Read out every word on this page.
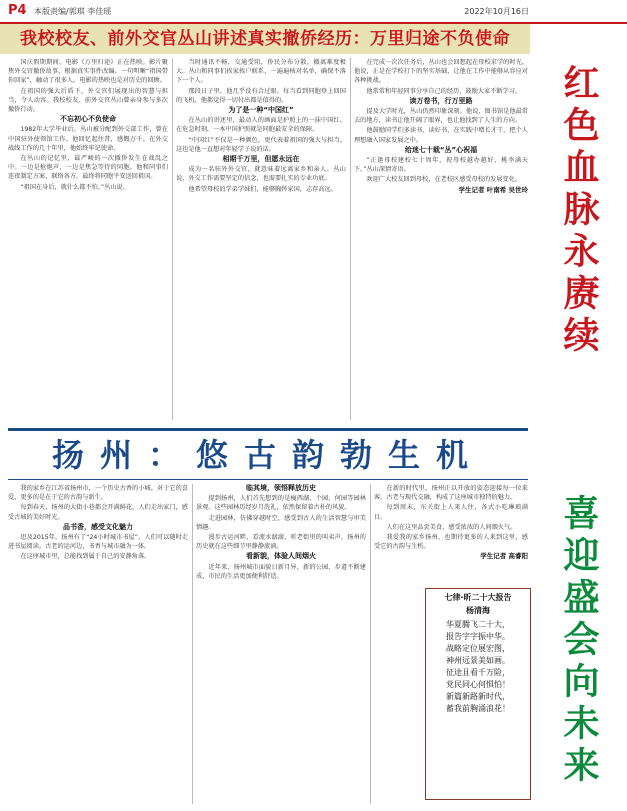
P4 本版责编/郭琪 李佳瑶	2022年10月16日
我校校友、前外交官丛山讲述真实撤侨经历：万里归途不负使命

国庆假期期间，电影《万里归途》正在热映。影片聚焦外交官撤侨故事，根据真实事件改编。一句明晰“祖国带你回家”，触动了很多人。电影的热映也是对历史的回顾。

在祖国的强大后盾下，外交官们展现出的智慧与担当，令人动容。我校校友、前外交官丛山曾亲身参与多次撤侨行动。

不忘初心不负使命

1982年大学毕业后，丛山被分配到外交部工作，曾在中国驻外使领馆工作。他回忆起往昔，感慨万千。在外交战线工作的几十年里，他始终牢记使命。

在丛山的记忆里，最严峻的一次撤侨发生在战乱之中。一边是枪炮声，一边是焦急等待的同胞。他和同事们连夜制定方案，联络各方，最终将同胞平安送回祖国。

“祖国在身后，就什么都不怕。”丛山说。

当时通讯不畅，交通受阻，侨民分布分散，撤离难度极大。丛山和同事们挨家挨户联系，一遍遍核对名单，确保不落下一个人。

那段日子里，他几乎没有合过眼。每当看到同胞登上回国的飞机，他都觉得一切付出都是值得的。

为了是一种“中国红”

在丛山的讲述里，最动人的画面是护照上的一抹中国红。在危急时刻，一本中国护照就是同胞最安全的保障。

“中国红”不仅是一种颜色，更代表着祖国的强大与担当。这也是他一直想对年轻学子说的话。

相期千万里，但愿永远在

成为一名驻外外交官，就意味着远离家乡和亲人。丛山说，外交工作需要坚定的信念，也需要扎实的专业功底。

他希望母校的学弟学妹们，能够胸怀家国，志存高远。

在完成一次次任务后，丛山也会回想起在母校求学的时光。他说，正是在学校打下的坚实基础，让他在工作中能够从容应对各种挑战。

他常常和年轻同事分享自己的经历，鼓励大家不断学习。

读万卷书，行万里路

提及大学时光，丛山仍然印象深刻。他说，图书馆是他最常去的地方，读书让他开阔了眼界，也让他找到了人生的方向。

他鼓励同学们多读书、读好书，在实践中增长才干，把个人理想融入国家发展之中。

给迷七十载“丛”心祝福

“正逢母校建校七十周年，祝母校越办越好，桃李满天下。”丛山深情寄语。

欢迎广大校友回到母校，在老校区感受母校的发展变化。

学生记者 叶南希 吴世玲

扬州：悠古韵勃生机

我的家乡在江苏省扬州市，一个历史古香的小城。对于它的喜爱，更多的是在于它的古韵与新生。

每到春天，扬州的大街小巷都会开满鲜花，人们走出家门，感受古城的美好时光。

品书香，感受文化魅力

思及2015年，扬州有了“24小时城市书屋”，人们可以随时走进书屋阅读。古老的运河边，书香与城市融为一体。

在这座城市里，总能找到属于自己的安静角落。

临其境，领悟释放历史

提到扬州，人们首先想到的是瘦西湖、个园、何园等园林景观。这些园林历经岁月洗礼，依然保留着古朴的风貌。

走进园林，仿佛穿越时空，感受到古人的生活智慧与审美情趣。

漫步古运河畔，看流水潺潺，听老街里的叫卖声，扬州的历史就在这些细节里静静流淌。

看新貌，体验人间烟火

近年来，扬州城市面貌日新月异，新的公园、步道不断建成，市民的生活更加便利舒适。

在新的时代里，扬州正以开放的姿态迎接每一位来客。古老与现代交融，构成了这座城市独特的魅力。

每到周末，东关街上人来人往，各式小吃琳琅满目。

人们在这里品尝美食，感受浓浓的人间烟火气。

我爱我的家乡扬州，也期待更多的人来到这里，感受它的古韵与生机。

学生记者 高睿阳

七律·昕二十大报告
杨清海
华夏腾飞二十大，
报告字字振中华。
战略定位展宏图，
神州远景美如画。
征途且看千万险，
党民同心何惧怕！
新篇新路新时代，
蓄我前胸涌浪花！
红色血脉永赓续
喜迎盛会向未来
